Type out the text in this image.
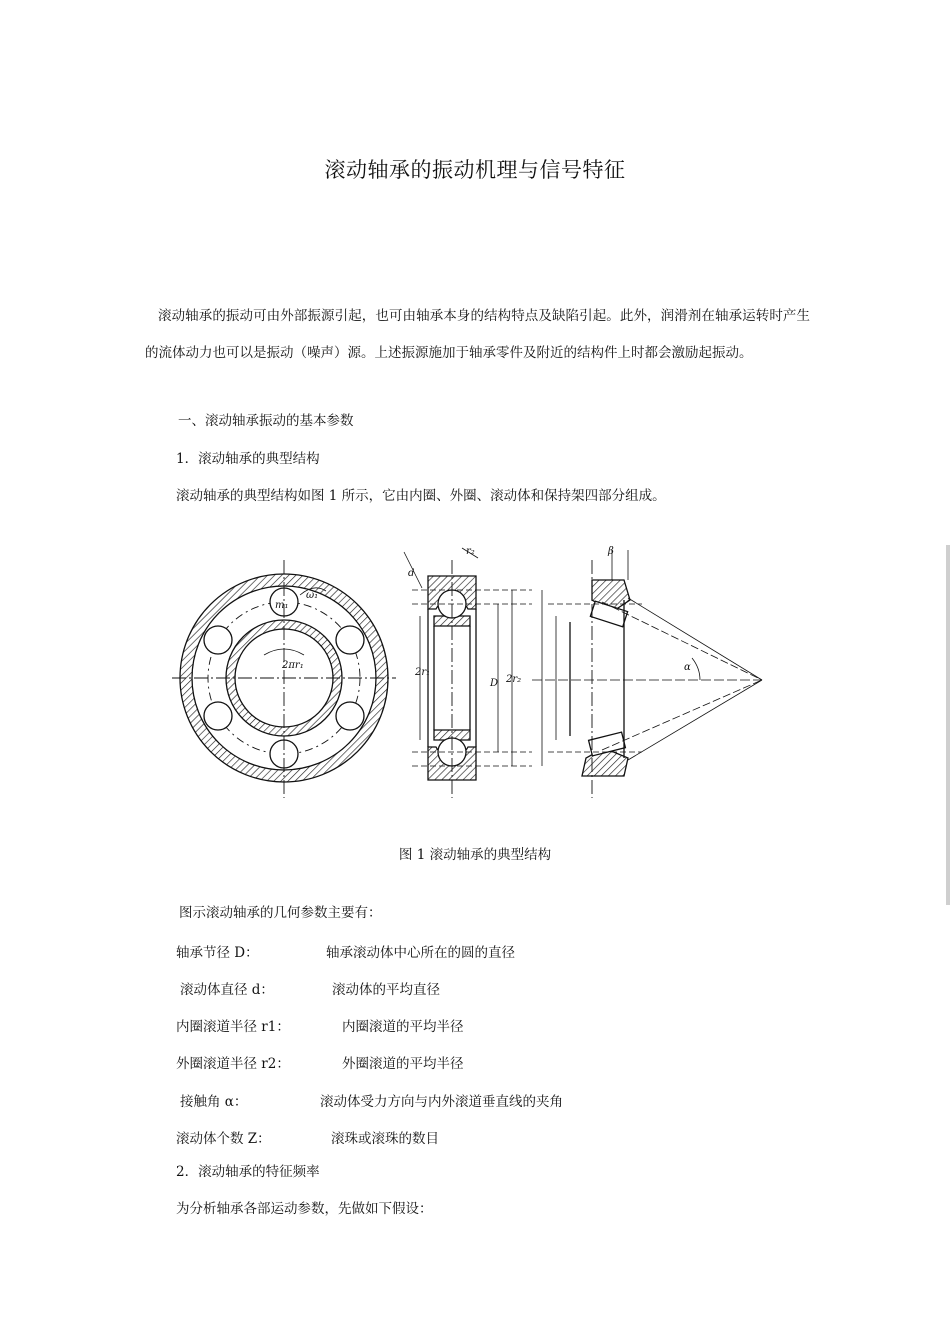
滚动轴承的振动机理与信号特征
滚动轴承的振动可由外部振源引起，也可由轴承本身的结构特点及缺陷引起。此外，润滑剂在轴承运转时产生的流体动力也可以是振动（噪声）源。上述振源施加于轴承零件及附近的结构件上时都会激励起振动。
一、滚动轴承振动的基本参数
1．滚动轴承的典型结构
滚动轴承的典型结构如图 1 所示，它由内圈、外圈、滚动体和保持架四部分组成。
m₁
ω₁
2πr₁
d
r₂
2r₁
D 2r₂
β
α
图 1 滚动轴承的典型结构
图示滚动轴承的几何参数主要有：
轴承节径 D：	轴承滚动体中心所在的圆的直径
滚动体直径 d：	滚动体的平均直径
内圈滚道半径 r1：	内圈滚道的平均半径
外圈滚道半径 r2：	外圈滚道的平均半径
接触角 α：	滚动体受力方向与内外滚道垂直线的夹角
滚动体个数 Z：	滚珠或滚珠的数目
2．滚动轴承的特征频率
为分析轴承各部运动参数，先做如下假设：
